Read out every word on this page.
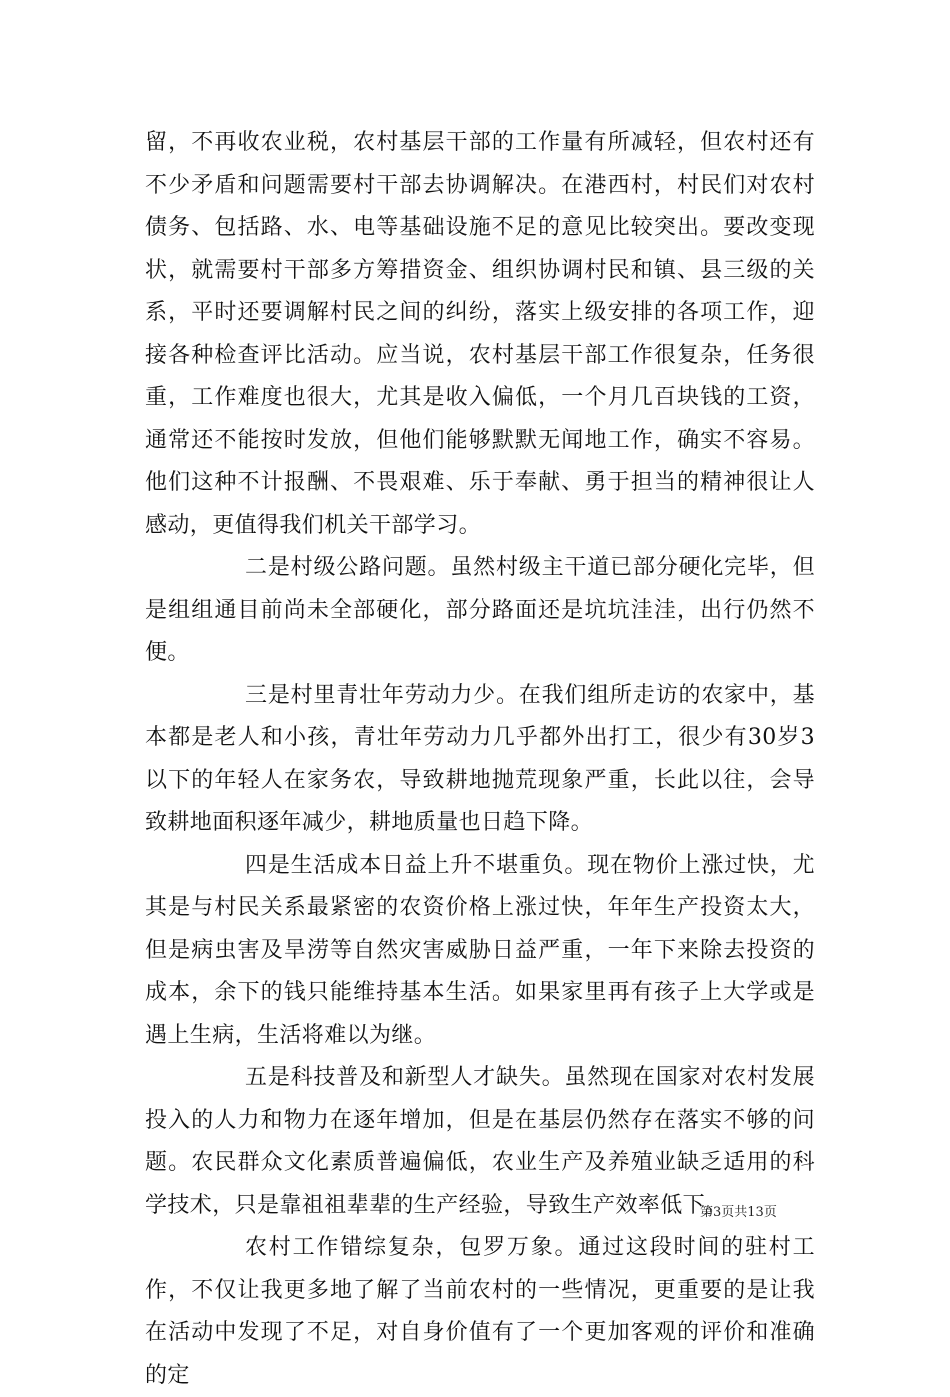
留，不再收农业税，农村基层干部的工作量有所减轻，但农村还有不少矛盾和问题需要村干部去协调解决。在港西村，村民们对农村债务、包括路、水、电等基础设施不足的意见比较突出。要改变现状，就需要村干部多方筹措资金、组织协调村民和镇、县三级的关系，平时还要调解村民之间的纠纷，落实上级安排的各项工作，迎接各种检查评比活动。应当说，农村基层干部工作很复杂，任务很重，工作难度也很大，尤其是收入偏低，一个月几百块钱的工资，通常还不能按时发放，但他们能够默默无闻地工作，确实不容易。他们这种不计报酬、不畏艰难、乐于奉献、勇于担当的精神很让人感动，更值得我们机关干部学习。

二是村级公路问题。虽然村级主干道已部分硬化完毕，但是组组通目前尚未全部硬化，部分路面还是坑坑洼洼，出行仍然不便。

三是村里青壮年劳动力少。在我们组所走访的农家中，基本都是老人和小孩，青壮年劳动力几乎都外出打工，很少有30岁3以下的年轻人在家务农，导致耕地抛荒现象严重，长此以往，会导致耕地面积逐年减少，耕地质量也日趋下降。

四是生活成本日益上升不堪重负。现在物价上涨过快，尤其是与村民关系最紧密的农资价格上涨过快，年年生产投资太大，但是病虫害及旱涝等自然灾害威胁日益严重，一年下来除去投资的成本，余下的钱只能维持基本生活。如果家里再有孩子上大学或是遇上生病，生活将难以为继。

五是科技普及和新型人才缺失。虽然现在国家对农村发展投入的人力和物力在逐年增加，但是在基层仍然存在落实不够的问题。农民群众文化素质普遍偏低，农业生产及养殖业缺乏适用的科学技术，只是靠祖祖辈辈的生产经验，导致生产效率低下。

农村工作错综复杂，包罗万象。通过这段时间的驻村工作，不仅让我更多地了解了当前农村的一些情况，更重要的是让我在活动中发现了不足，对自身价值有了一个更加客观的评价和准确的定

第3页共13页
